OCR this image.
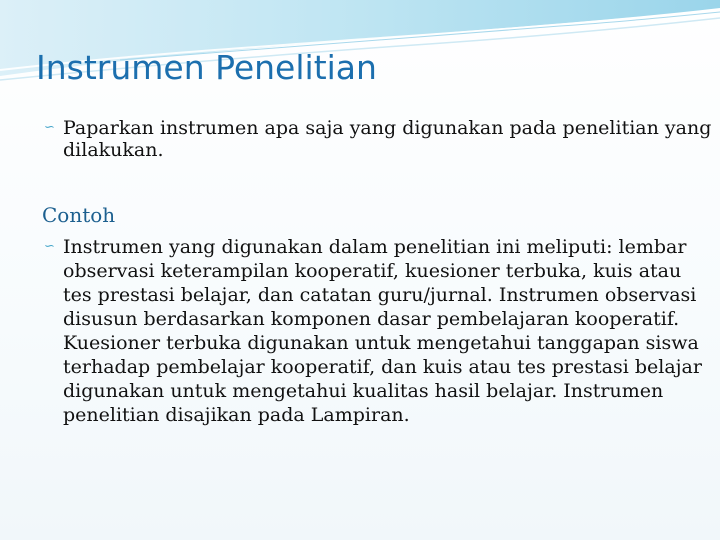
Instrumen Penelitian
∽ Paparkan instrumen apa saja yang digunakan pada penelitian yang dilakukan.
Contoh
∽ Instrumen yang digunakan dalam penelitian ini meliputi: lembar observasi keterampilan kooperatif, kuesioner terbuka, kuis atau tes prestasi belajar, dan catatan guru/jurnal. Instrumen observasi disusun berdasarkan komponen dasar pembelajaran kooperatif. Kuesioner terbuka digunakan untuk mengetahui tanggapan siswa terhadap pembelajar kooperatif, dan kuis atau tes prestasi belajar digunakan untuk mengetahui kualitas hasil belajar. Instrumen penelitian disajikan pada Lampiran.
